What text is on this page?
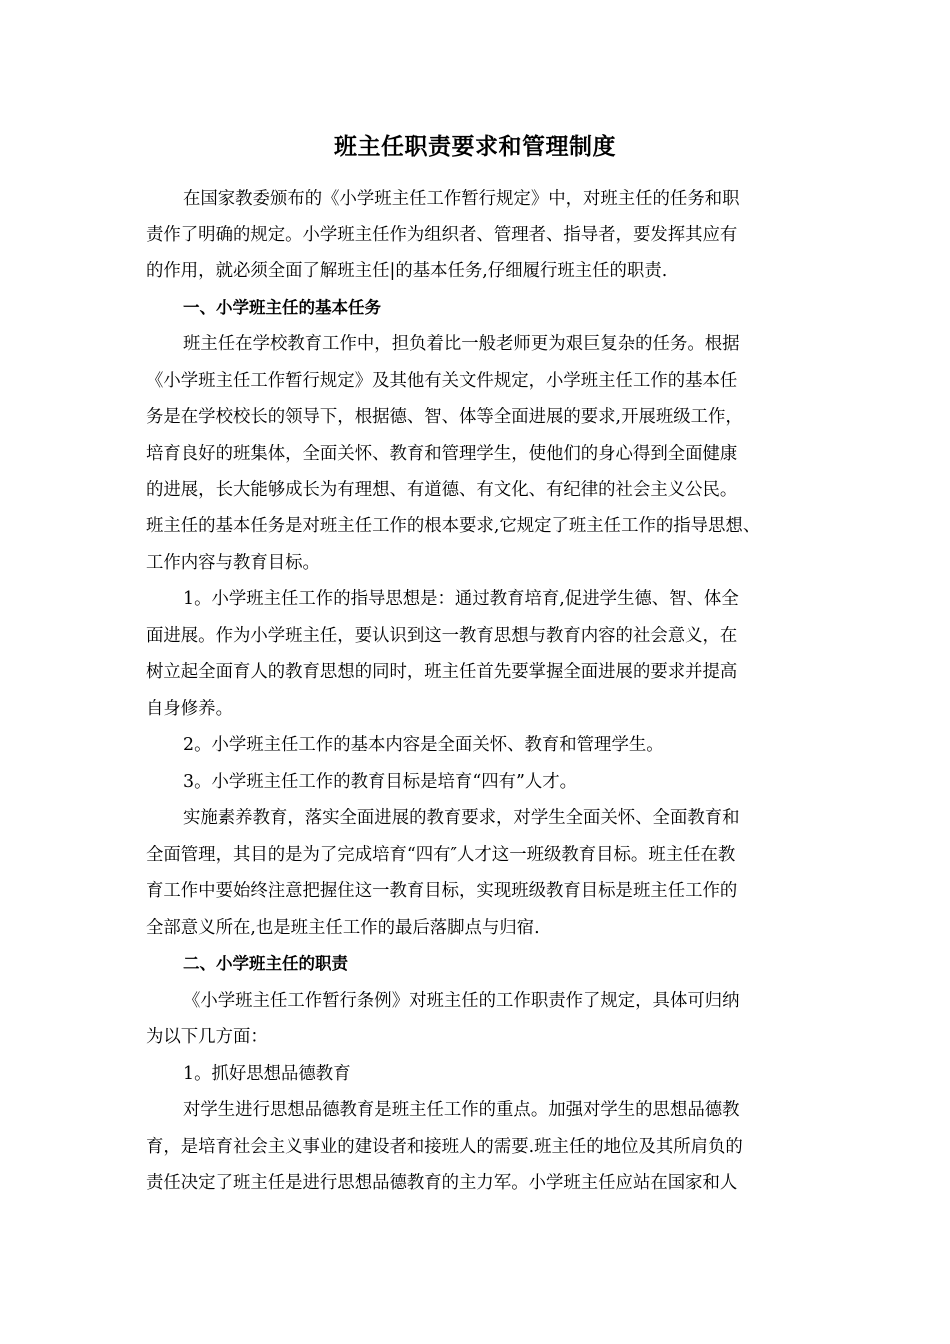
班主任职责要求和管理制度
在国家教委颁布的《小学班主任工作暂行规定》中，对班主任的任务和职
责作了明确的规定。小学班主任作为组织者、管理者、指导者，要发挥其应有
的作用，就必须全面了解班主任|的基本任务,仔细履行班主任的职责.
一、小学班主任的基本任务
班主任在学校教育工作中，担负着比一般老师更为艰巨复杂的任务。根据
《小学班主任工作暂行规定》及其他有关文件规定，小学班主任工作的基本任
务是在学校校长的领导下，根据德、智、体等全面进展的要求,开展班级工作，
培育良好的班集体，全面关怀、教育和管理学生，使他们的身心得到全面健康
的进展，长大能够成长为有理想、有道德、有文化、有纪律的社会主义公民。
班主任的基本任务是对班主任工作的根本要求,它规定了班主任工作的指导思想、
工作内容与教育目标。
1。小学班主任工作的指导思想是：通过教育培育,促进学生德、智、体全
面进展。作为小学班主任，要认识到这一教育思想与教育内容的社会意义，在
树立起全面育人的教育思想的同时，班主任首先要掌握全面进展的要求并提高
自身修养。
2。小学班主任工作的基本内容是全面关怀、教育和管理学生。
3。小学班主任工作的教育目标是培育“四有”人才。
实施素养教育，落实全面进展的教育要求，对学生全面关怀、全面教育和
全面管理，其目的是为了完成培育“四有″人才这一班级教育目标。班主任在教
育工作中要始终注意把握住这一教育目标，实现班级教育目标是班主任工作的
全部意义所在,也是班主任工作的最后落脚点与归宿.
二、小学班主任的职责
《小学班主任工作暂行条例》对班主任的工作职责作了规定，具体可归纳
为以下几方面：
1。抓好思想品德教育
对学生进行思想品德教育是班主任工作的重点。加强对学生的思想品德教
育，是培育社会主义事业的建设者和接班人的需要.班主任的地位及其所肩负的
责任决定了班主任是进行思想品德教育的主力军。小学班主任应站在国家和人
